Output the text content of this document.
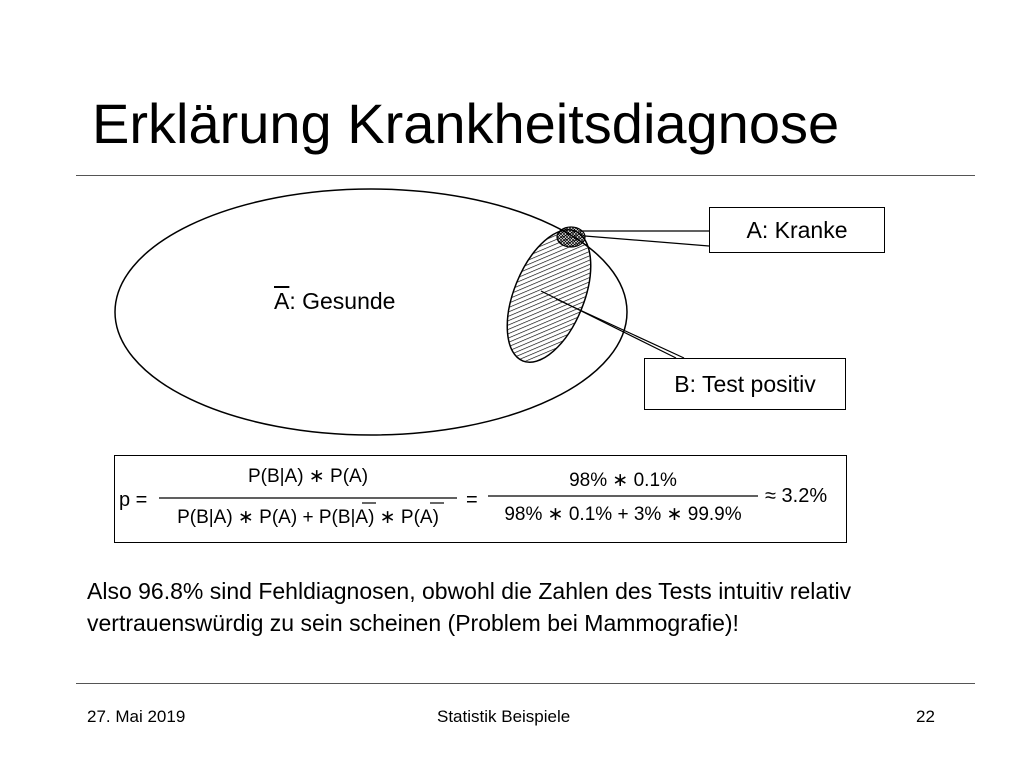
Erklärung Krankheitsdiagnose
$\overline{A}$: Gesunde
A: Kranke
B: Test positiv
p =
P(B|A) ∗ P(A)
P(B|A) ∗ P(A) + P(B|A) ∗ P(A)
=
98% ∗ 0.1%
98% ∗ 0.1% + 3% ∗ 99.9%
≈ 3.2%
Also 96.8% sind Fehldiagnosen, obwohl die Zahlen des Tests intuitiv relativ vertrauenswürdig zu sein scheinen (Problem bei Mammografie)!
27. Mai 2019	Statistik Beispiele	22
